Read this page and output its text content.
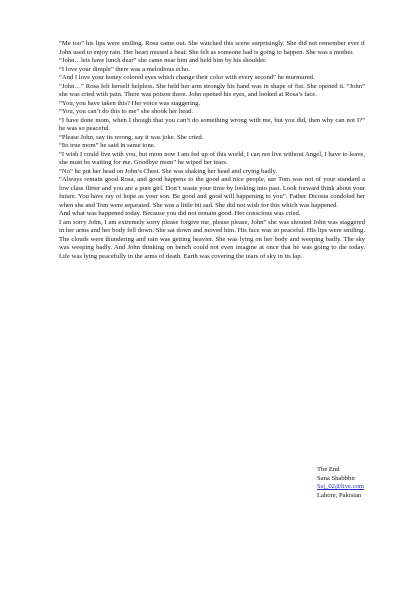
“Me too” his lips were smiling. Rosa came out. She watched this scene surprisingly. She did not remember ever if John used to enjoy rain. Her heart missed a beat. She felt as someone bad is going to happen. She was a mother.

“John…lets have lunch dear” she came near him and held him by his shoulder.

“I love your dimple” there was a melodious echo.

“And I love your honey colored eyes which change their color with every second” he murmured.

“John…” Rosa felt herself helpless. She held her arm strongly his hand was in shape of fist. She opened it. “John” she was cried with pain. There was poison there. John opened his eyes, and looked at Rosa’s face.

“You, you have taken this? Her voice was staggering.

“You, you can’t do this to me” she shook her head.

“I have done mom, when I though that you can’t do something wrong with me, but you did, then why can not I?” he was so peaceful.

“Please John, say its wrong, say it was joke. She cried.

“Its true mom” he said in same tone.

“I wish I could live with you, but mom now I am fed up of this world, I can not live without Angel, I have to leave, she must be waiting for me. Goodbye mom” he wiped her tears.

“No” he put her head on John’s Chest. She was shaking her head and crying badly.

“Always remain good Rosa, and good happens to the good and nice people, see Tom was not of your standard a low class flirter and you are a pure girl. Don’t waste your time by looking into past. Look forward think about your future. You have ray of hope as your son. Be good and good will happening to you”. Father Dicosta condoled her when she and Tom were separated. She was a little bit sad. She did not wish for this which was happened.

And what was happened today. Because you did not remain good. Her conscious was cried.

I am sorry John, I am extremely sorry please forgive me, please please, John” she was shouted John was staggered in her arms and her body fell down. She sat down and moved him. His face was so peaceful. His lips were smiling. The clouds were thundering and rain was getting heavier. She was lying on her body and weeping badly. The sky was weeping badly. And John thinking on bench could not even imagine at once that he was going to die today. Life was lying peacefully in the arms of death. Earth was covering the tears of sky in its lap.

The End
Sana Shabbbir
Ssj_02@live.com
Lahore, Pakistan
